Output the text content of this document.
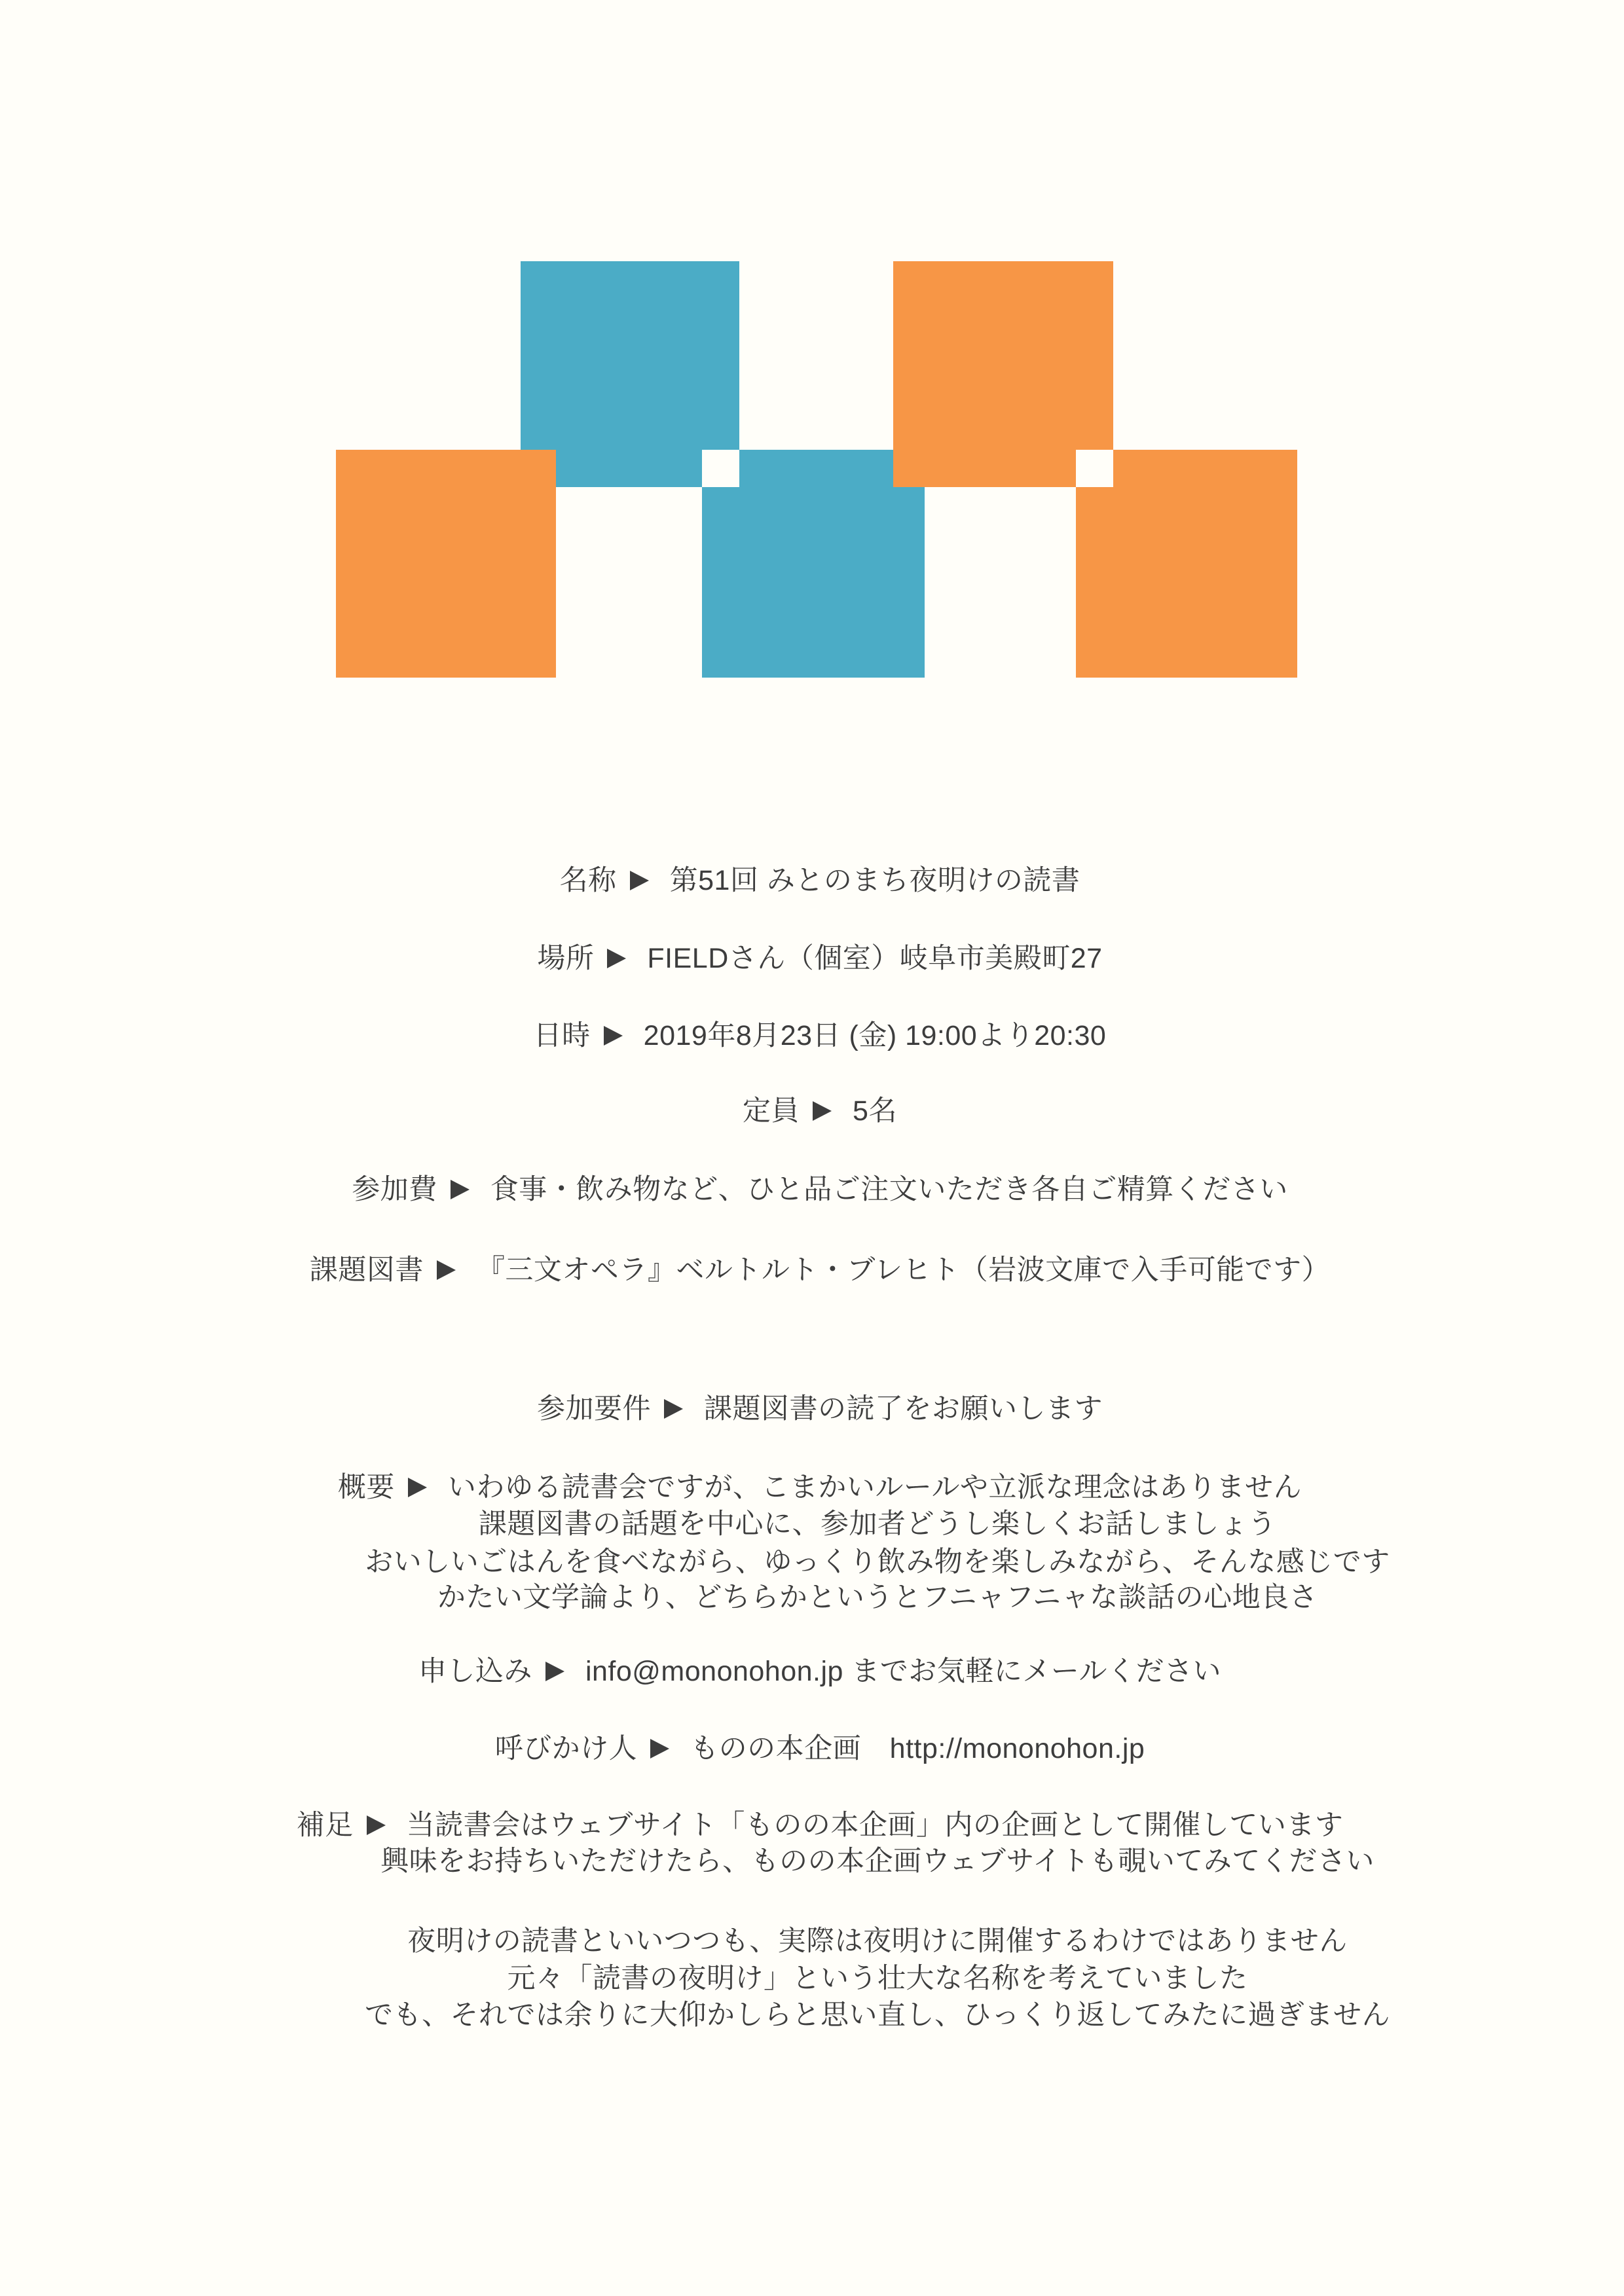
名称 第51回 みとのまち夜明けの読書
場所 FIELDさん（個室）岐阜市美殿町27
日時 2019年8月23日 (金) 19:00より20:30
定員 5名
参加費 食事・飲み物など、ひと品ご注文いただき各自ご精算ください
課題図書 『三文オペラ』ベルトルト・ブレヒト（岩波文庫で入手可能です）
参加要件 課題図書の読了をお願いします
概要 いわゆる読書会ですが、こまかいルールや立派な理念はありません
課題図書の話題を中心に、参加者どうし楽しくお話しましょう
おいしいごはんを食べながら、ゆっくり飲み物を楽しみながら、そんな感じです
かたい文学論より、どちらかというとフニャフニャな談話の心地良さ
申し込み info@mononohon.jp までお気軽にメールください
呼びかけ人 ものの本企画　http://mononohon.jp
補足 当読書会はウェブサイト「ものの本企画」内の企画として開催しています
興味をお持ちいただけたら、ものの本企画ウェブサイトも覗いてみてください
夜明けの読書といいつつも、実際は夜明けに開催するわけではありません
元々「読書の夜明け」という壮大な名称を考えていました
でも、それでは余りに大仰かしらと思い直し、ひっくり返してみたに過ぎません
